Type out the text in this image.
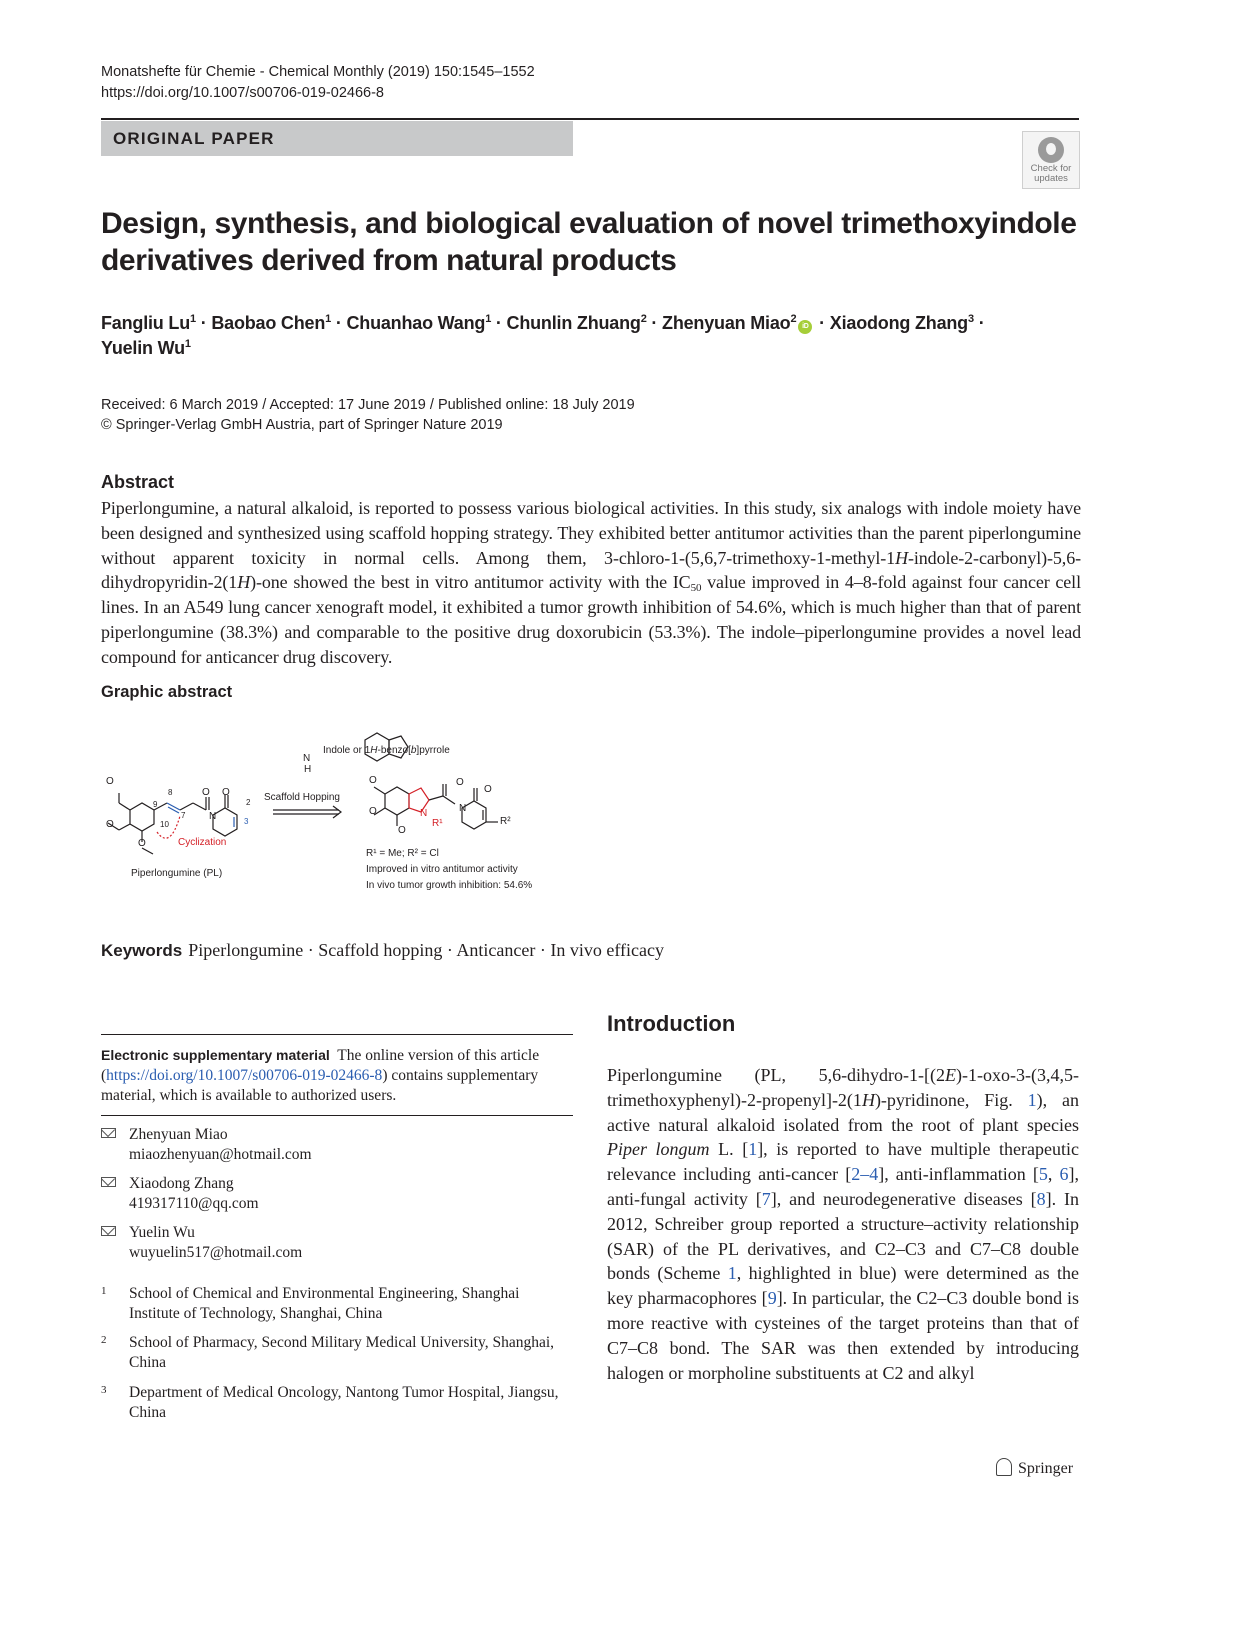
Monatshefte für Chemie - Chemical Monthly (2019) 150:1545–1552
https://doi.org/10.1007/s00706-019-02466-8
ORIGINAL PAPER
Check for updates
Design, synthesis, and biological evaluation of novel trimethoxyindole derivatives derived from natural products
Fangliu $Lu^1$ · Baobao Chen$^1$ · Chuanhao Wang$^1$ · Chunlin Zhuang$^2$ · Zhenyuan Miao$^2$iD · Xiaodong Zhang$^3$ ·
Yuelin Wu$^1$
Received: 6 March 2019 / Accepted: 17 June 2019 / Published online: 18 July 2019
© Springer-Verlag GmbH Austria, part of Springer Nature 2019
Abstract
Piperlongumine, a natural alkaloid, is reported to possess various biological activities. In this study, six analogs with indole moiety have been designed and synthesized using scaffold hopping strategy. They exhibited better antitumor activities than the parent piperlongumine without apparent toxicity in normal cells. Among them, 3-chloro-1-(5,6,7-trimethoxy-1-methyl-1H-indole-2-carbonyl)-5,6-dihydropyridin-2(1H)-one showed the best in vitro antitumor activity with the $IC_{50}$ value improved in 4–8-fold against four cancer cell lines. In an A549 lung cancer xenograft model, it exhibited a tumor growth inhibition of 54.6%, which is much higher than that of parent piperlongumine (38.3%) and comparable to the positive drug doxorubicin (53.3%). The indole–piperlongumine provides a novel lead compound for anticancer drug discovery.
Graphic abstract
Indole or 1H-benzo[b]pyrrole
N
H
Scaffold Hopping
Cyclization
Piperlongumine (PL)
R¹ = Me; R² = Cl
Improved in vitro antitumor activity
In vivo tumor growth inhibition: 54.6%
O
O
O
O O
N
2
3
7
8
9
10
O
O
O
N
R¹
O
O
N
R²
Keywords Piperlongumine · Scaffold hopping · Anticancer · In vivo efficacy
Electronic supplementary material The online version of this article (https://doi.org/10.1007/s00706-019-02466-8) contains supplementary material, which is available to authorized users.
Zhenyuan Miao
miaozhenyuan@hotmail.com
Xiaodong Zhang
419317110@qq.com
Yuelin Wu
wuyuelin517@hotmail.com
1 School of Chemical and Environmental Engineering, Shanghai Institute of Technology, Shanghai, China
2 School of Pharmacy, Second Military Medical University, Shanghai, China
3 Department of Medical Oncology, Nantong Tumor Hospital, Jiangsu, China
Introduction
Piperlongumine (PL, 5,6-dihydro-1-[(2E)-1-oxo-3-(3,4,5-trimethoxyphenyl)-2-propenyl]-2(1H)-pyridinone, Fig. 1), an active natural alkaloid isolated from the root of plant species Piper longum L. [1], is reported to have multiple therapeutic relevance including anti-cancer [2–4], anti-inflammation [5, 6], anti-fungal activity [7], and neurodegenerative diseases [8]. In 2012, Schreiber group reported a structure–activity relationship (SAR) of the PL derivatives, and C2–C3 and C7–C8 double bonds (Scheme 1, highlighted in blue) were determined as the key pharmacophores [9]. In particular, the C2–C3 double bond is more reactive with cysteines of the target proteins than that of C7–C8 bond. The SAR was then extended by introducing halogen or morpholine substituents at C2 and alkyl
Springer
